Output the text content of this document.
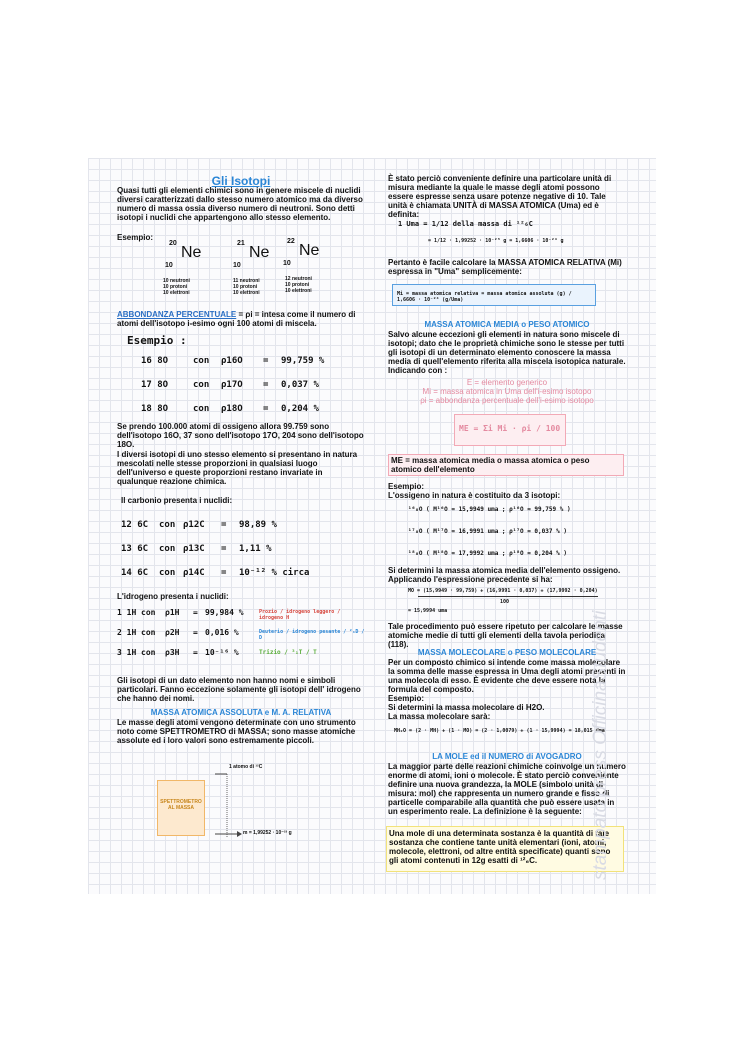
Gli Isotopi

Quasi tutti gli elementi chimici sono in genere miscele di nuclidi diversi caratterizzati dallo stesso numero atomico ma da diverso numero di massa ossia diverso numero di neutroni. Sono detti isotopi i nuclidi che appartengono allo stesso elemento.

Esempio:
20
Ne
10
21
Ne
10
22
Ne
10
10 neutroni
10 protoni
10 elettroni
11 neutroni
10 protoni
10 elettroni
12 neutroni
10 protoni
10 elettroni

ABBONDANZA PERCENTUALE = ρi = intesa come il numero di atomi dell'isotopo i-esimo ogni 100 atomi di miscela.

Esempio :
16 8O	con ρ16O = 99,759 %
17 8O	con ρ17O = 0,037 %
18 8O	con ρ18O = 0,204 %

Se prendo 100.000 atomi di ossigeno allora 99.759 sono dell'isotopo 16O, 37 sono dell'isotopo 17O, 204 sono dell'isotopo 18O.

I diversi isotopi di uno stesso elemento si presentano in natura mescolati nelle stesse proporzioni in qualsiasi luogo dell'universo e queste proporzioni restano invariate in qualunque reazione chimica.

Il carbonio presenta i nuclidi:
12 6C con ρ12C = 98,89 %
13 6C con ρ13C = 1,11 %
14 6C con ρ14C = 10⁻¹² % circa
L'idrogeno presenta i nuclidi:
1 1H con ρ1H = 99,984 %	Prozio / idrogeno leggero / idrogeno H
2 1H con ρ2H = 0,016 %	Deuterio / idrogeno pesante / ²₁D / D
3 1H con ρ3H = 10⁻¹⁶ %	Trizio / ³₁T / T

Gli isotopi di un dato elemento non hanno nomi e simboli particolari. Fanno eccezione solamente gli isotopi dell' idrogeno che hanno dei nomi.

MASSA ATOMICA ASSOLUTA e M. A. RELATIVA

Le masse degli atomi vengono determinate con uno strumento noto come SPETTROMETRO di MASSA; sono masse atomiche assolute ed i loro valori sono estremamente piccoli.

SPETTROMETRO AL MASSA
1 atomo di ¹²C
m = 1,99252 · 10⁻²³ g

È stato perciò conveniente definire una particolare unità di misura mediante la quale le masse degli atomi possono essere espresse senza usare potenze negative di 10. Tale unità è chiamata UNITÀ di MASSA ATOMICA (Uma) ed è definita:

1 Uma = 1/12 della massa di ¹²₆C
= 1/12 · 1,99252 · 10⁻²³ g = 1,6606 · 10⁻²⁴ g

Pertanto è facile calcolare la MASSA ATOMICA RELATIVA (Mi) espressa in "Uma" semplicemente:

Mi = massa atomica relativa = massa atomica assoluta (g) / 1,6606 · 10⁻²⁴ (g/Uma)
MASSA ATOMICA MEDIA o PESO ATOMICO

Salvo alcune eccezioni gli elementi in natura sono miscele di isotopi; dato che le proprietà chimiche sono le stesse per tutti gli isotopi di un determinato elemento conoscere la massa media di quell'elemento riferita alla miscela isotopica naturale. Indicando con :

E = elemento generico
Mi = massa atomica in Uma dell'i-esimo isotopo
ρi = abbondanza percentuale dell'i-esimo isotopo
ME = Σi Mi · ρi / 100
ME = massa atomica media o massa atomica o peso atomico dell'elemento
Esempio:
L'ossigeno in natura è costituito da 3 isotopi:
¹⁶₈O ( M¹⁶O = 15,9949 uma ; ρ¹⁶O = 99,759 % )
¹⁷₈O ( M¹⁷O = 16,9991 uma ; ρ¹⁷O = 0,037 % )
¹⁸₈O ( M¹⁸O = 17,9992 uma ; ρ¹⁸O = 0,204 % )

Si determini la massa atomica media dell'elemento ossigeno. Applicando l'espressione precedente si ha:

MO = (15,9949 · 99,759) + (16,9991 · 0,037) + (17,9992 · 0,204)
100
= 15,9994 uma

Tale procedimento può essere ripetuto per calcolare le masse atomiche medie di tutti gli elementi della tavola periodica (118).

MASSA MOLECOLARE o PESO MOLECOLARE

Per un composto chimico si intende come massa molecolare la somma delle masse espressa in Uma degli atomi presenti in una molecola di esso. È evidente che deve essere nota la formula del composto.

Esempio:
Si determini la massa molecolare di H2O.
La massa molecolare sarà:
MH₂O = (2 · MH) + (1 · MO) = (2 · 1,0079) + (1 · 15,9994) = 18,015 Uma
LA MOLE ed il NUMERO di AVOGADRO

La maggior parte delle reazioni chimiche coinvolge un numero enorme di atomi, ioni o molecole. È stato perciò conveniente definire una nuova grandezza, la MOLE (simbolo unità di misura: mol) che rappresenta un numero grande e fisso di particelle comparabile alla quantità che può essere usata in un esperimento reale. La definizione è la seguente:

Una mole di una determinata sostanza è la quantità di tale sostanza che contiene tante unità elementari (ioni, atomi, molecole, elettroni, od altre entità specificate) quanti sono gli atomi contenuti in 12g esatti di ¹²₆C.	stampato press OfficinaStudenti
